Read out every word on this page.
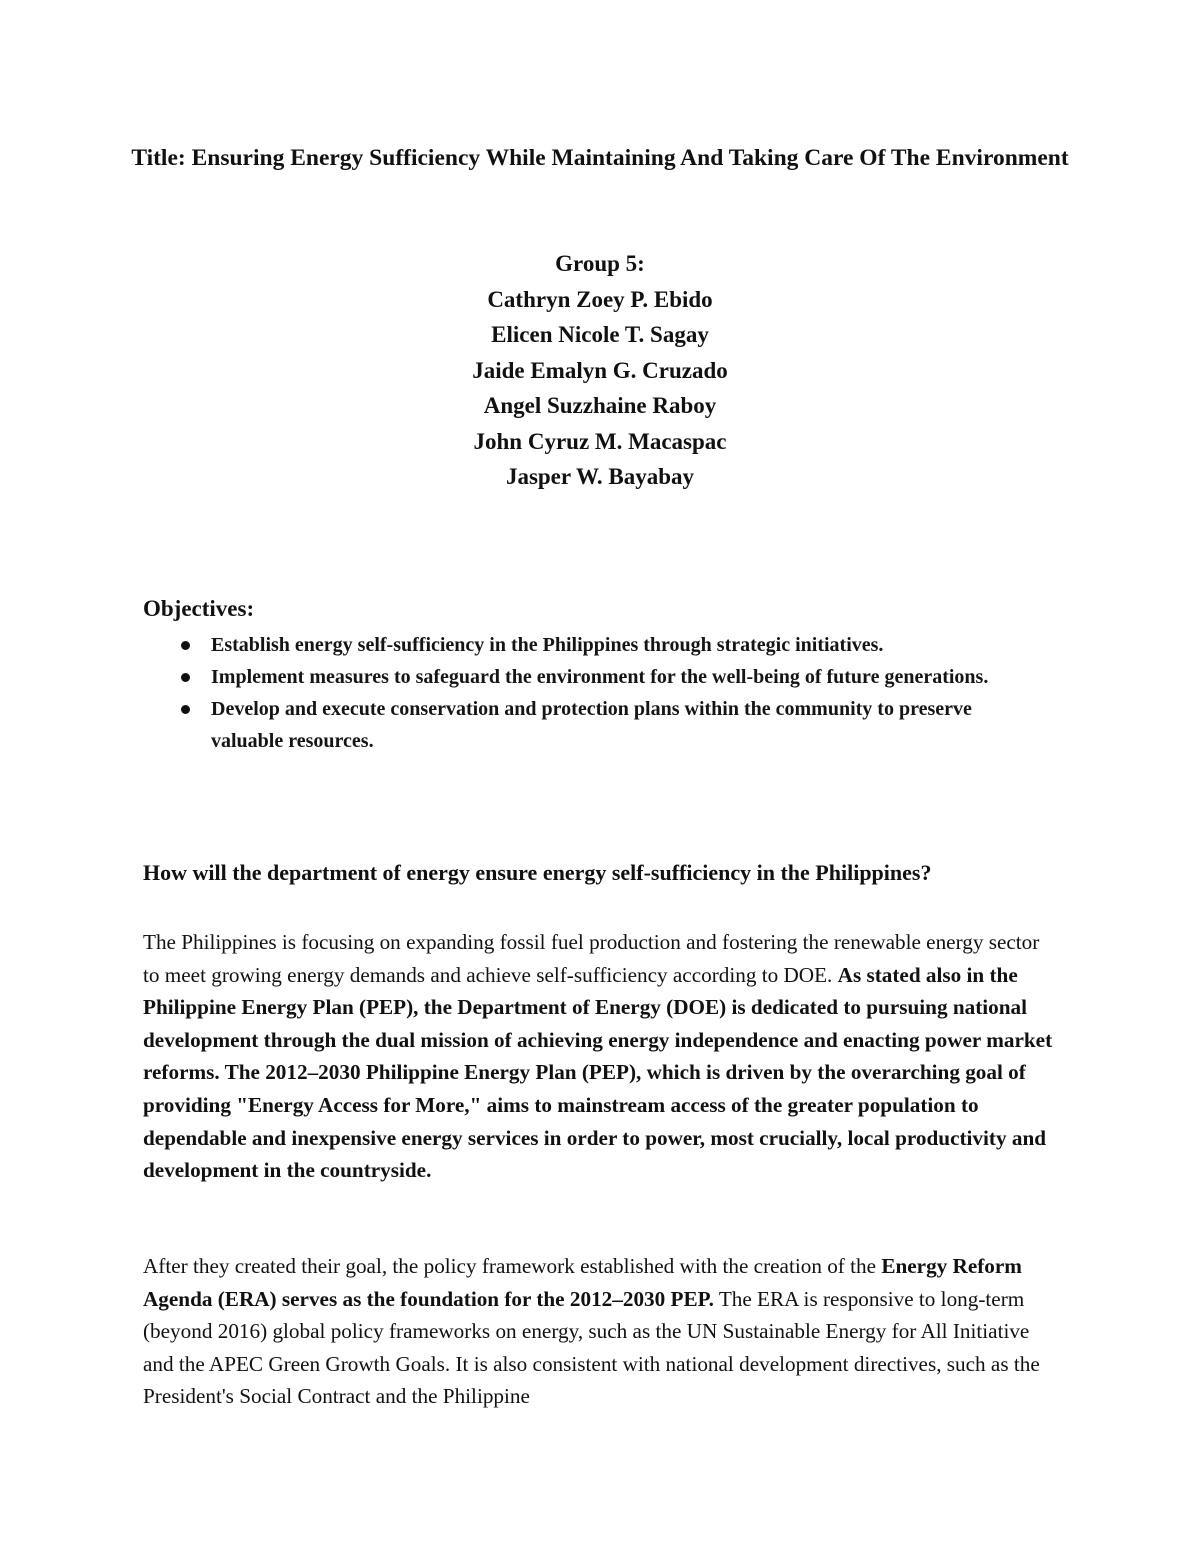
Title: Ensuring Energy Sufficiency While Maintaining And Taking Care Of The Environment
Group 5:
Cathryn Zoey P. Ebido
Elicen Nicole T. Sagay
Jaide Emalyn G. Cruzado
Angel Suzzhaine Raboy
John Cyruz M. Macaspac
Jasper W. Bayabay
Objectives:
Establish energy self-sufficiency in the Philippines through strategic initiatives.
Implement measures to safeguard the environment for the well-being of future generations.
Develop and execute conservation and protection plans within the community to preserve valuable resources.
How will the department of energy ensure energy self-sufficiency in the Philippines?

The Philippines is focusing on expanding fossil fuel production and fostering the renewable energy sector to meet growing energy demands and achieve self-sufficiency according to DOE. As stated also in the Philippine Energy Plan (PEP), the Department of Energy (DOE) is dedicated to pursuing national development through the dual mission of achieving energy independence and enacting power market reforms. The 2012–2030 Philippine Energy Plan (PEP), which is driven by the overarching goal of providing "Energy Access for More," aims to mainstream access of the greater population to dependable and inexpensive energy services in order to power, most crucially, local productivity and development in the countryside.

After they created their goal, the policy framework established with the creation of the Energy Reform Agenda (ERA) serves as the foundation for the 2012–2030 PEP. The ERA is responsive to long-term (beyond 2016) global policy frameworks on energy, such as the UN Sustainable Energy for All Initiative and the APEC Green Growth Goals. It is also consistent with national development directives, such as the President's Social Contract and the Philippine
